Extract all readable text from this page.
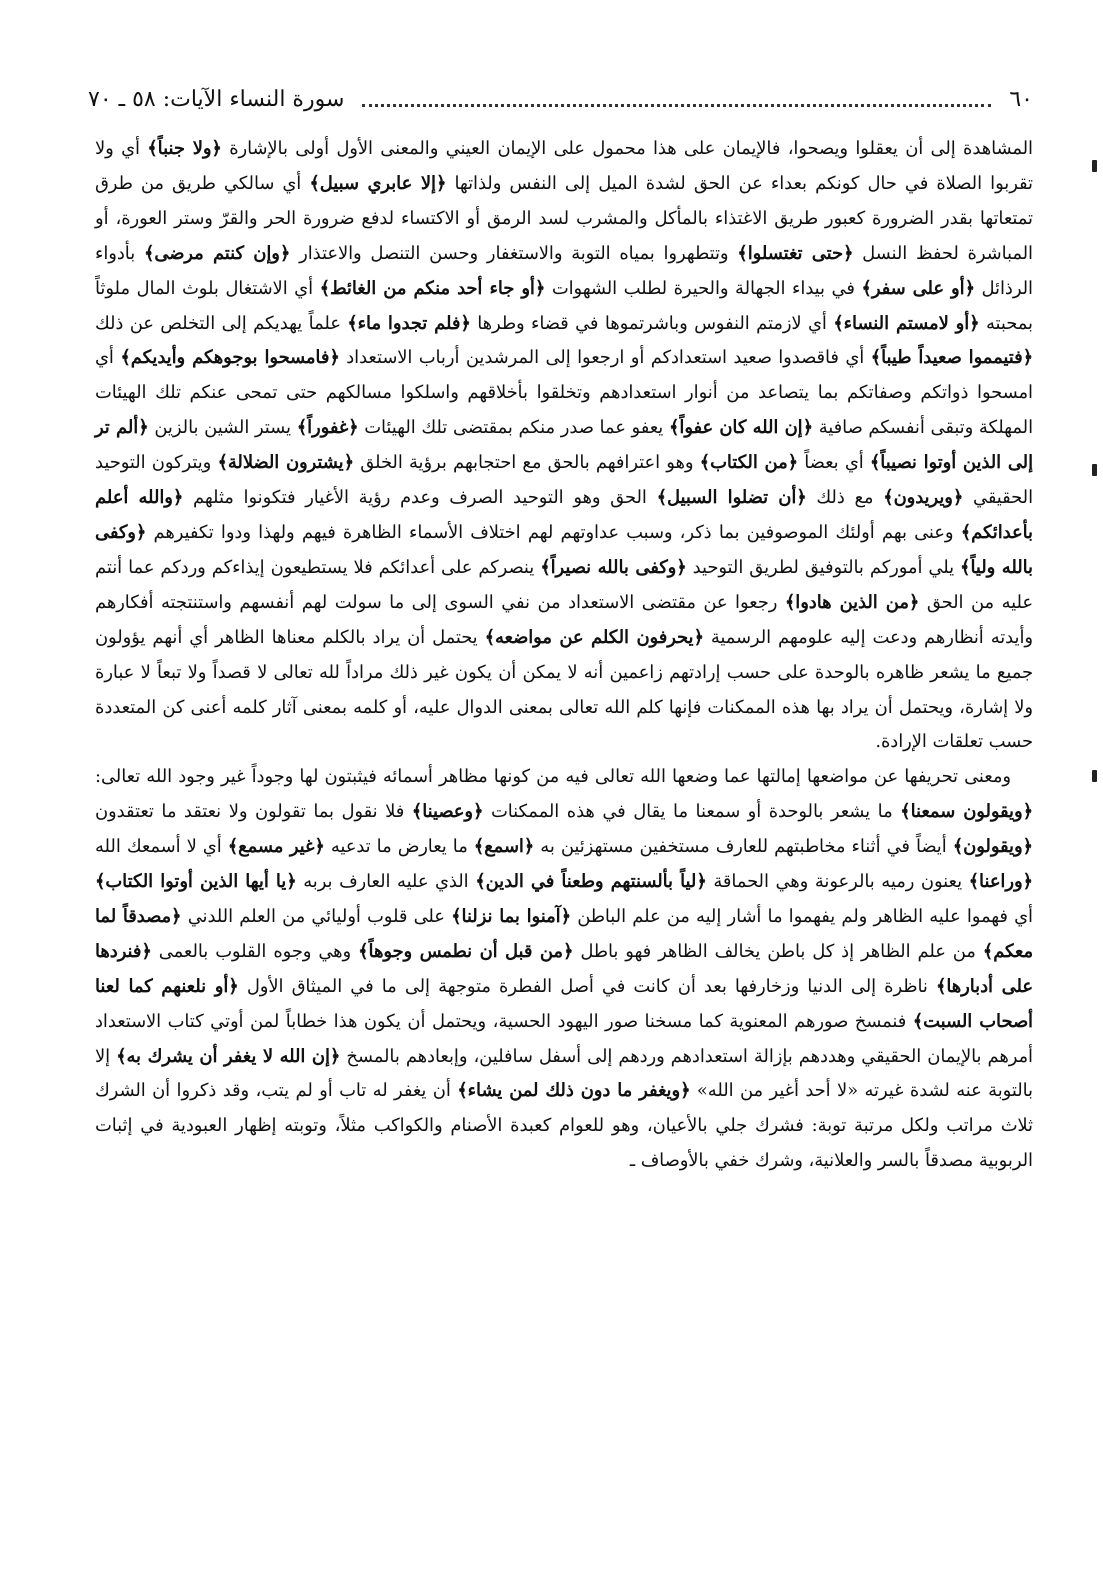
٦٠
سورة النساء الآيات: ٥٨ ـ ٧٠

المشاهدة إلى أن يعقلوا ويصحوا، فالإيمان على هذا محمول على الإيمان العيني والمعنى الأول أولى بالإشارة ﴿ولا جنباً﴾ أي ولا تقربوا الصلاة في حال كونكم بعداء عن الحق لشدة الميل إلى النفس ولذاتها ﴿إلا عابري سبيل﴾ أي سالكي طريق من طرق تمتعاتها بقدر الضرورة كعبور طريق الاغتذاء بالمأكل والمشرب لسد الرمق أو الاكتساء لدفع ضرورة الحر والقرّ وستر العورة، أو المباشرة لحفظ النسل ﴿حتى تغتسلوا﴾ وتتطهروا بمياه التوبة والاستغفار وحسن التنصل والاعتذار ﴿وإن كنتم مرضى﴾ بأدواء الرذائل ﴿أو على سفر﴾ في بيداء الجهالة والحيرة لطلب الشهوات ﴿أو جاء أحد منكم من الغائط﴾ أي الاشتغال بلوث المال ملوثاً بمحبته ﴿أو لامستم النساء﴾ أي لازمتم النفوس وباشرتموها في قضاء وطرها ﴿فلم تجدوا ماء﴾ علماً يهديكم إلى التخلص عن ذلك ﴿فتيمموا صعيداً طيباً﴾ أي فاقصدوا صعيد استعدادكم أو ارجعوا إلى المرشدين أرباب الاستعداد ﴿فامسحوا بوجوهكم وأيديكم﴾ أي امسحوا ذواتكم وصفاتكم بما يتصاعد من أنوار استعدادهم وتخلقوا بأخلاقهم واسلكوا مسالكهم حتى تمحى عنكم تلك الهيئات المهلكة وتبقى أنفسكم صافية ﴿إن الله كان عفواً﴾ يعفو عما صدر منكم بمقتضى تلك الهيئات ﴿غفوراً﴾ يستر الشين بالزين ﴿ألم تر إلى الذين أوتوا نصيباً﴾ أي بعضاً ﴿من الكتاب﴾ وهو اعترافهم بالحق مع احتجابهم برؤية الخلق ﴿يشترون الضلالة﴾ ويتركون التوحيد الحقيقي ﴿ويريدون﴾ مع ذلك ﴿أن تضلوا السبيل﴾ الحق وهو التوحيد الصرف وعدم رؤية الأغيار فتكونوا مثلهم ﴿والله أعلم بأعدائكم﴾ وعنى بهم أولئك الموصوفين بما ذكر، وسبب عداوتهم لهم اختلاف الأسماء الظاهرة فيهم ولهذا ودوا تكفيرهم ﴿وكفى بالله ولياً﴾ يلي أموركم بالتوفيق لطريق التوحيد ﴿وكفى بالله نصيراً﴾ ينصركم على أعدائكم فلا يستطيعون إيذاءكم وردكم عما أنتم عليه من الحق ﴿من الذين هادوا﴾ رجعوا عن مقتضى الاستعداد من نفي السوى إلى ما سولت لهم أنفسهم واستنتجته أفكارهم وأيدته أنظارهم ودعت إليه علومهم الرسمية ﴿يحرفون الكلم عن مواضعه﴾ يحتمل أن يراد بالكلم معناها الظاهر أي أنهم يؤولون جميع ما يشعر ظاهره بالوحدة على حسب إرادتهم زاعمين أنه لا يمكن أن يكون غير ذلك مراداً لله تعالى لا قصداً ولا تبعاً لا عبارة ولا إشارة، ويحتمل أن يراد بها هذه الممكنات فإنها كلم الله تعالى بمعنى الدوال عليه، أو كلمه بمعنى آثار كلمه أعنى كن المتعددة حسب تعلقات الإرادة.

ومعنى تحريفها عن مواضعها إمالتها عما وضعها الله تعالى فيه من كونها مظاهر أسمائه فيثبتون لها وجوداً غير وجود الله تعالى: ﴿ويقولون سمعنا﴾ ما يشعر بالوحدة أو سمعنا ما يقال في هذه الممكنات ﴿وعصينا﴾ فلا نقول بما تقولون ولا نعتقد ما تعتقدون ﴿ويقولون﴾ أيضاً في أثناء مخاطبتهم للعارف مستخفين مستهزئين به ﴿اسمع﴾ ما يعارض ما تدعيه ﴿غير مسمع﴾ أي لا أسمعك الله ﴿وراعنا﴾ يعنون رميه بالرعونة وهي الحماقة ﴿لياً بألسنتهم وطعناً في الدين﴾ الذي عليه العارف بربه ﴿يا أيها الذين أوتوا الكتاب﴾ أي فهموا عليه الظاهر ولم يفهموا ما أشار إليه من علم الباطن ﴿آمنوا بما نزلنا﴾ على قلوب أوليائي من العلم اللدني ﴿مصدقاً لما معكم﴾ من علم الظاهر إذ كل باطن يخالف الظاهر فهو باطل ﴿من قبل أن نطمس وجوهاً﴾ وهي وجوه القلوب بالعمى ﴿فنردها على أدبارها﴾ ناظرة إلى الدنيا وزخارفها بعد أن كانت في أصل الفطرة متوجهة إلى ما في الميثاق الأول ﴿أو نلعنهم كما لعنا أصحاب السبت﴾ فنمسخ صورهم المعنوية كما مسخنا صور اليهود الحسية، ويحتمل أن يكون هذا خطاباً لمن أوتي كتاب الاستعداد أمرهم بالإيمان الحقيقي وهددهم بإزالة استعدادهم وردهم إلى أسفل سافلين، وإبعادهم بالمسخ ﴿إن الله لا يغفر أن يشرك به﴾ إلا بالتوبة عنه لشدة غيرته «لا أحد أغير من الله» ﴿ويغفر ما دون ذلك لمن يشاء﴾ أن يغفر له تاب أو لم يتب، وقد ذكروا أن الشرك ثلاث مراتب ولكل مرتبة توبة: فشرك جلي بالأعيان، وهو للعوام كعبدة الأصنام والكواكب مثلاً، وتوبته إظهار العبودية في إثبات الربوبية مصدقاً بالسر والعلانية، وشرك خفي بالأوصاف ـ
